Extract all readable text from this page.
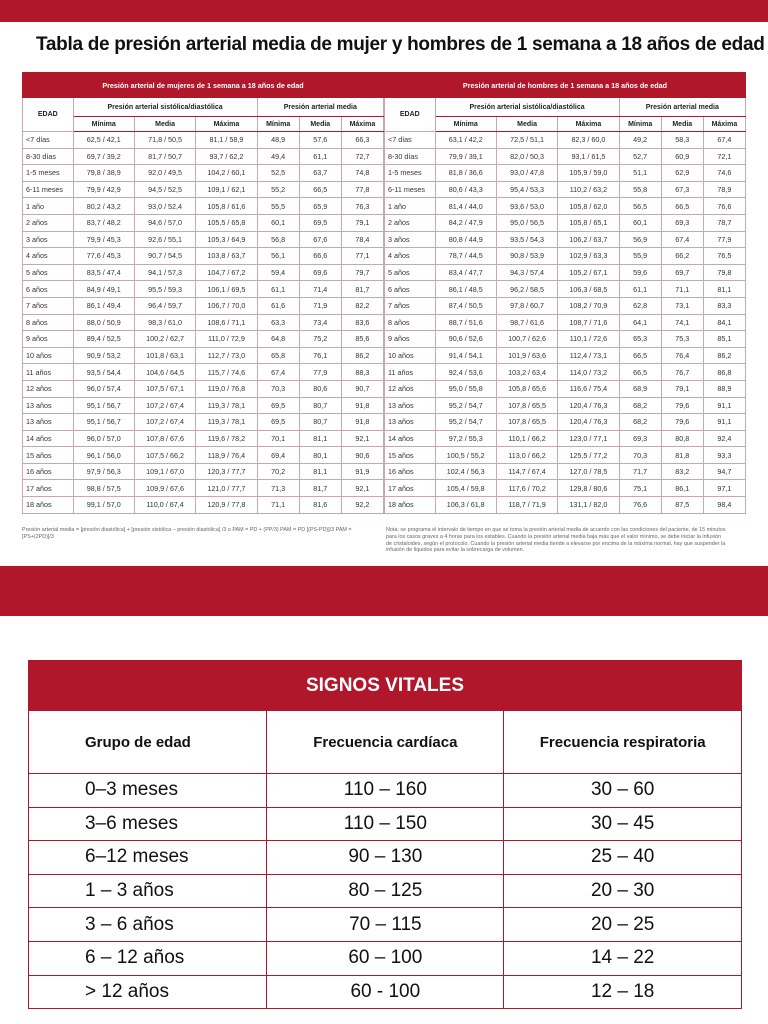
Tabla de presión arterial media de mujer y hombres de 1 semana a 18 años de edad
Presión arterial de mujeres de 1 semana a 18 años de edad						
EDAD	Presión arterial sistólica/diastólica			Presión arterial media		
	Mínima	Media	Máxima	Mínima	Media	Máxima
<7 días	62,5 / 42,1	71,8 / 50,5	81,1 / 58,9	48,9	57,6	66,3
8-30 días	69,7 / 39,2	81,7 / 50,7	93,7 / 62,2	49,4	61,1	72,7
1-5 meses	79,8 / 38,9	92,0 / 49,5	104,2 / 60,1	52,5	63,7	74,8
6-11 meses	79,9 / 42,9	94,5 / 52,5	109,1 / 62,1	55,2	66,5	77,8
1 año	80,2 / 43,2	93,0 / 52,4	105,8 / 61,6	55,5	65,9	76,3
2 años	83,7 / 48,2	94,6 / 57,0	105,5 / 65,8	60,1	69,5	79,1
3 años	79,9 / 45,3	92,6 / 55,1	105,3 / 64,9	56,8	67,6	78,4
4 años	77,6 / 45,3	90,7 / 54,5	103,8 / 63,7	56,1	66,6	77,1
5 años	83,5 / 47,4	94,1 / 57,3	104,7 / 67,2	59,4	69,6	79,7
6 años	84,9 / 49,1	95,5 / 59,3	106,1 / 69,5	61,1	71,4	81,7
7 años	86,1 / 49,4	96,4 / 59,7	106,7 / 70,0	61,6	71,9	82,2
8 años	88,0 / 50,9	98,3 / 61,0	108,6 / 71,1	63,3	73,4	83,6
9 años	89,4 / 52,5	100,2 / 62,7	111,0 / 72,9	64,8	75,2	85,6
10 años	90,9 / 53,2	101,8 / 63,1	112,7 / 73,0	65,8	76,1	86,2
11 años	93,5 / 54,4	104,6 / 64,5	115,7 / 74,6	67,4	77,9	88,3
12 años	96,0 / 57,4	107,5 / 67,1	119,0 / 76,8	70,3	80,6	90,7
13 años	95,1 / 56,7	107,2 / 67,4	119,3 / 78,1	69,5	80,7	91,8
13 años	95,1 / 56,7	107,2 / 67,4	119,3 / 78,1	69,5	80,7	91,8
14 años	96,0 / 57,0	107,8 / 67,6	119,6 / 78,2	70,1	81,1	92,1
15 años	96,1 / 56,0	107,5 / 66,2	118,9 / 76,4	69,4	80,1	90,6
16 años	97,9 / 56,3	109,1 / 67,0	120,3 / 77,7	70,2	81,1	91,9
17 años	98,8 / 57,5	109,9 / 67,6	121,0 / 77,7	71,3	81,7	92,1
18 años	99,1 / 57,0	110,0 / 67,4	120,9 / 77,8	71,1	81,6	92,2
Presión arterial de hombres de 1 semana a 18 años de edad						
EDAD	Presión arterial sistólica/diastólica			Presión arterial media		
	Mínima	Media	Máxima	Mínima	Media	Máxima
<7 días	63,1 / 42,2	72,5 / 51,1	82,3 / 60,0	49,2	58,3	67,4
8-30 días	79,9 / 39,1	82,0 / 50,3	93,1 / 61,5	52,7	60,9	72,1
1-5 meses	81,8 / 36,6	93,0 / 47,8	105,9 / 59,0	51,1	62,9	74,6
6-11 meses	80,6 / 43,3	95,4 / 53,3	110,2 / 63,2	55,8	67,3	78,9
1 año	81,4 / 44,0	93,6 / 53,0	105,8 / 62,0	56,5	66,5	76,6
2 años	84,2 / 47,9	95,0 / 56,5	105,8 / 65,1	60,1	69,3	78,7
3 años	80,8 / 44,9	93,5 / 54,3	106,2 / 63,7	56,9	67,4	77,9
4 años	78,7 / 44,5	90,8 / 53,9	102,9 / 63,3	55,9	66,2	76,5
5 años	83,4 / 47,7	94,3 / 57,4	105,2 / 67,1	59,6	69,7	79,8
6 años	86,1 / 48,5	96,2 / 58,5	106,3 / 68,5	61,1	71,1	81,1
7 años	87,4 / 50,5	97,8 / 60,7	108,2 / 70,9	62,8	73,1	83,3
8 años	88,7 / 51,6	98,7 / 61,6	108,7 / 71,6	64,1	74,1	84,1
9 años	90,6 / 52,6	100,7 / 62,6	110,1 / 72,6	65,3	75,3	85,1
10 años	91,4 / 54,1	101,9 / 63,6	112,4 / 73,1	66,5	76,4	86,2
11 años	92,4 / 53,6	103,2 / 63,4	114,0 / 73,2	66,5	76,7	86,8
12 años	95,0 / 55,8	105,8 / 65,6	116,6 / 75,4	68,9	79,1	88,9
13 años	95,2 / 54,7	107,8 / 65,5	120,4 / 76,3	68,2	79,6	91,1
13 años	95,2 / 54,7	107,8 / 65,5	120,4 / 76,3	68,2	79,6	91,1
14 años	97,2 / 55,3	110,1 / 66,2	123,0 / 77,1	69,3	80,8	92,4
15 años	100,5 / 55,2	113,0 / 66,2	125,5 / 77,2	70,3	81,8	93,3
16 años	102,4 / 56,3	114,7 / 67,4	127,0 / 78,5	71,7	83,2	94,7
17 años	105,4 / 59,8	117,6 / 70,2	129,8 / 80,6	75,1	86,1	97,1
18 años	106,3 / 61,8	118,7 / 71,9	131,1 / 82,0	76,6	87,5	98,4
Presión arterial media = [presión diastólica] + [presión sistólica – presión diastólica] /3 o PAM = PD + (PP/3) PAM = PD [(PS-PD)]/3 PAM = [PS+(2PD)]/3
Nota: se programa el intervalo de tiempo en que se toma la presión arterial media de acuerdo con las condiciones del paciente, de 15 minutos para los casos graves a 4 horas para los estables. Cuando la presión arterial media baja más que el valor mínimo, se debe iniciar la infusión de cristaloides, según el protocolo. Cuando la presión arterial media tiende a elevarse por encima de la máxima normal, hay que suspender la infusión de líquidos para evitar la sobrecarga de volumen.
SIGNOS VITALES
Grupo de edad	Frecuencia cardíaca	Frecuencia respiratoria
0–3 meses	110 – 160	30 – 60
3–6 meses	110 – 150	30 – 45
6–12 meses	90 – 130	25 – 40
1 – 3 años	80 – 125	20 – 30
3 – 6 años	70 – 115	20 – 25
6 – 12 años	60 – 100	14 – 22
> 12 años	60 - 100	12 – 18
